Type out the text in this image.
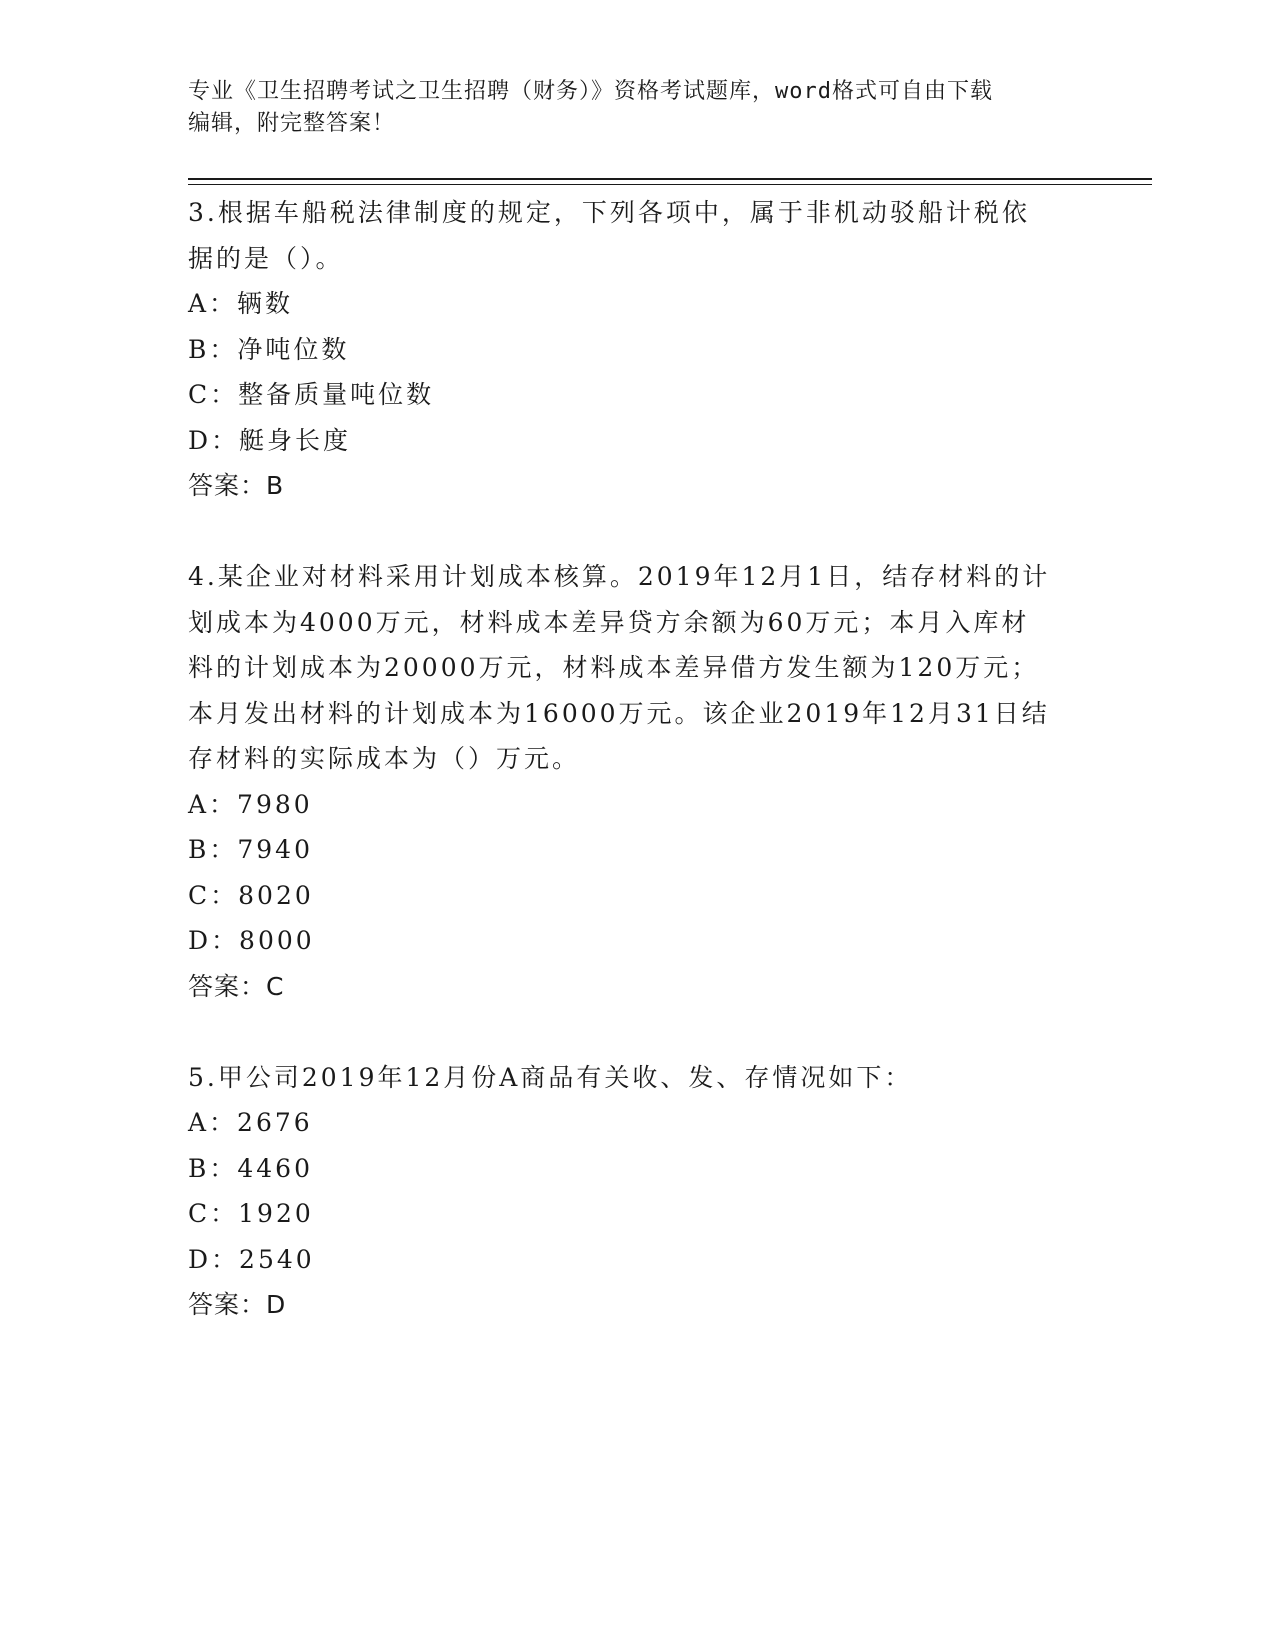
专业《卫生招聘考试之卫生招聘（财务）》资格考试题库，word格式可自由下载
编辑，附完整答案！
3.根据车船税法律制度的规定，下列各项中，属于非机动驳船计税依
据的是（）。
A：辆数
B：净吨位数
C：整备质量吨位数
D：艇身长度
答案：B
4.某企业对材料采用计划成本核算。2019年12月1日，结存材料的计
划成本为4000万元，材料成本差异贷方余额为60万元；本月入库材
料的计划成本为20000万元，材料成本差异借方发生额为120万元；
本月发出材料的计划成本为16000万元。该企业2019年12月31日结
存材料的实际成本为（）万元。
A：7980
B：7940
C：8020
D：8000
答案：C
5.甲公司2019年12月份A商品有关收、发、存情况如下：
A：2676
B：4460
C：1920
D：2540
答案：D
